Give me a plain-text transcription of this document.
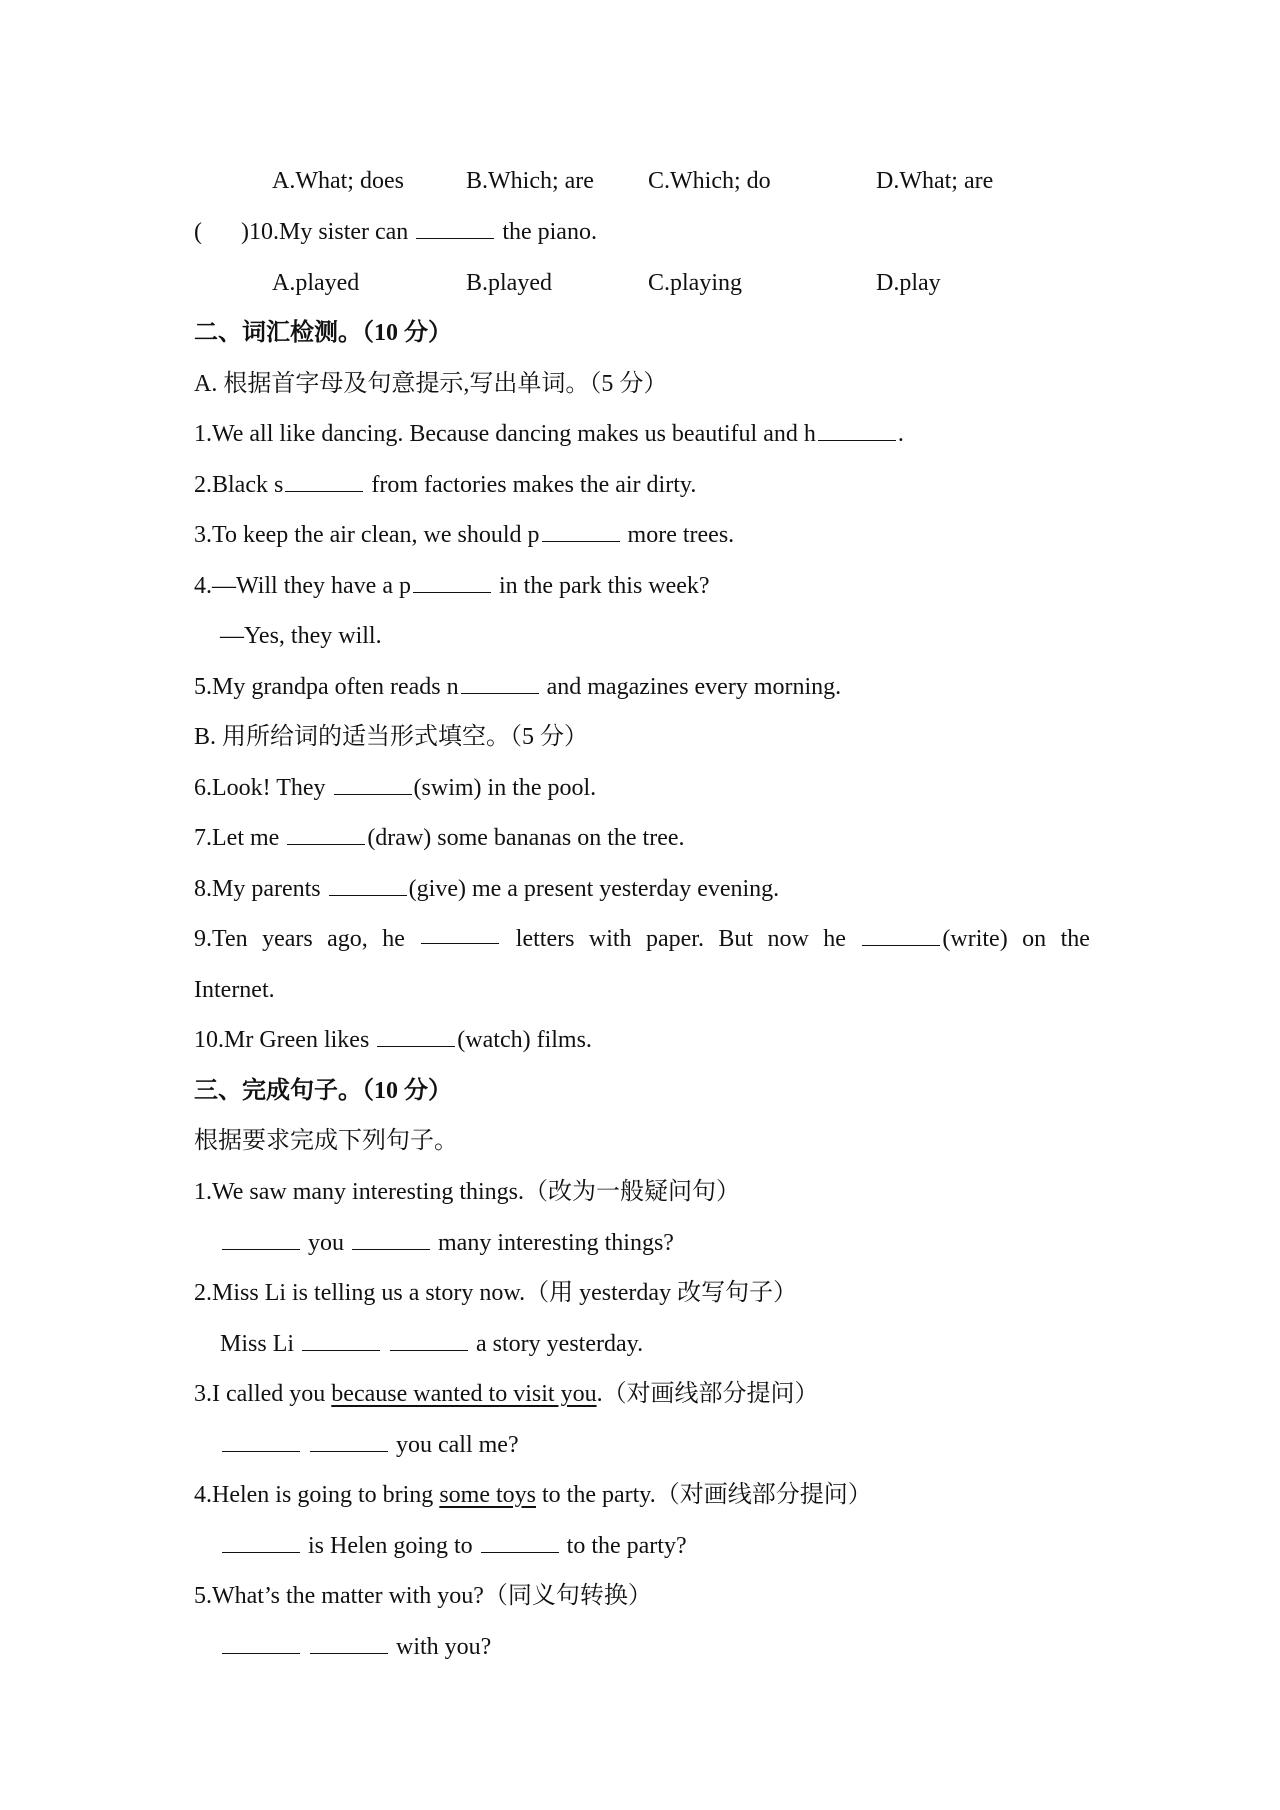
A.What; does	B.Which; are C.Which; do	D.What; are
( )10.My sister can	the piano.
A.played	B.played	C.playing	D.play
二、词汇检测。（10 分）
A. 根据首字母及句意提示,写出单词。（5 分）
1.We all like dancing. Because dancing makes us beautiful and h	.
2.Black s	from factories makes the air dirty.
3.To keep the air clean, we should p	more trees.
4.—Will they have a p	in the park this week?
—Yes, they will.
5.My grandpa often reads n	and magazines every morning.
B. 用所给词的适当形式填空。（5 分）
6.Look! They	(swim) in the pool.
7.Let me	(draw) some bananas on the tree.
8.My parents	(give) me a present yesterday evening.
9.Ten years ago, he	letters with paper. But now he	(write) on the
Internet.
10.Mr Green likes	(watch) films.
三、完成句子。（10 分）
根据要求完成下列句子。
1.We saw many interesting things.（改为一般疑问句）
you	many interesting things?
2.Miss Li is telling us a story now.（用 yesterday 改写句子）
Miss Li	a story yesterday.
3.I called you because wanted to visit you.（对画线部分提问）
you call me?
4.Helen is going to bring some toys to the party.（对画线部分提问）
is Helen going to	to the party?
5.What’s the matter with you?（同义句转换）
with you?
